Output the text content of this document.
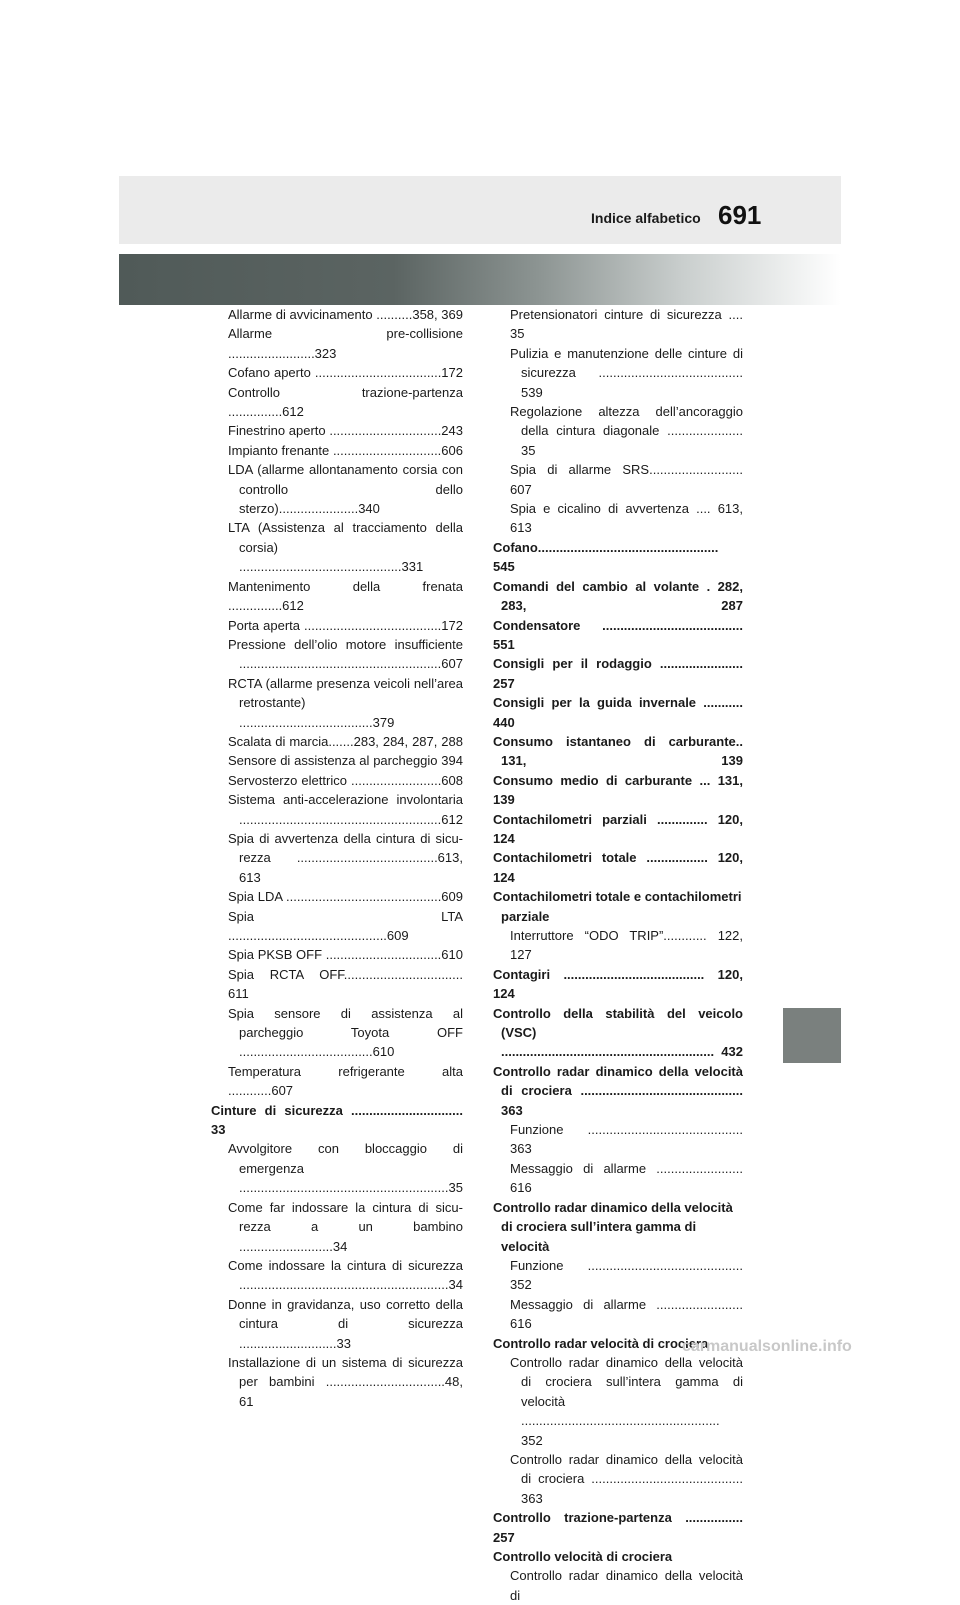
691
Indice alfabetico
Allarme di avvicinamento ..........358, 369
Allarme pre-collisione ........................323
Cofano aperto ...................................172
Controllo trazione-partenza ...............612
Finestrino aperto ...............................243
Impianto frenante ..............................606
LDA (allarme allontanamento corsia con controllo dello sterzo)......................340
LTA (Assistenza al tracciamento della corsia) .............................................331
Mantenimento della frenata ...............612
Porta aperta ......................................172
Pressione dell’olio motore insufficiente ........................................................607
RCTA (allarme presenza veicoli nell’area retrostante) .....................................379
Scalata di marcia.......283, 284, 287, 288
Sensore di assistenza al parcheggio 394
Servosterzo elettrico .........................608
Sistema anti-accelerazione involontaria ........................................................612
Spia di avvertenza della cintura di sicu-rezza .......................................613, 613
Spia LDA ...........................................609
Spia LTA ............................................609
Spia PKSB OFF ................................610
Spia RCTA OFF................................. 611
Spia sensore di assistenza al parcheggio Toyota OFF .....................................610
Temperatura refrigerante alta ............607
Cinture di sicurezza ............................... 33
Avvolgitore con bloccaggio di emergenza ..........................................................35
Come far indossare la cintura di sicu-rezza a un bambino ..........................34
Come indossare la cintura di sicurezza ..........................................................34
Donne in gravidanza, uso corretto della cintura di sicurezza ...........................33
Installazione di un sistema di sicurezza per bambini .................................48, 61
Pretensionatori cinture di sicurezza .... 35
Pulizia e manutenzione delle cinture di sicurezza ........................................ 539
Regolazione altezza dell’ancoraggio della cintura diagonale ..................... 35
Spia di allarme SRS.......................... 607
Spia e cicalino di avvertenza .... 613, 613
Cofano.................................................. 545
Comandi del cambio al volante . 282, 283, 287
Condensatore ....................................... 551
Consigli per il rodaggio ....................... 257
Consigli per la guida invernale ........... 440
Consumo istantaneo di carburante.. 131, 139
Consumo medio di carburante ... 131, 139
Contachilometri parziali .............. 120, 124
Contachilometri totale ................. 120, 124
Contachilometri totale e contachilometri parziale
Interruttore “ODO TRIP”............ 122, 127
Contagiri ....................................... 120, 124
Controllo della stabilità del veicolo (VSC) ........................................................... 432
Controllo radar dinamico della velocità di crociera ............................................. 363
Funzione ........................................... 363
Messaggio di allarme ........................ 616
Controllo radar dinamico della velocità di crociera sull’intera gamma di velocità
Funzione ........................................... 352
Messaggio di allarme ........................ 616
Controllo radar velocità di crociera
Controllo radar dinamico della velocità di crociera sull’intera gamma di velocità ....................................................... 352
Controllo radar dinamico della velocità di crociera .......................................... 363
Controllo trazione-partenza ................ 257
Controllo velocità di crociera
Controllo radar dinamico della velocità di
carmanualsonline.info
